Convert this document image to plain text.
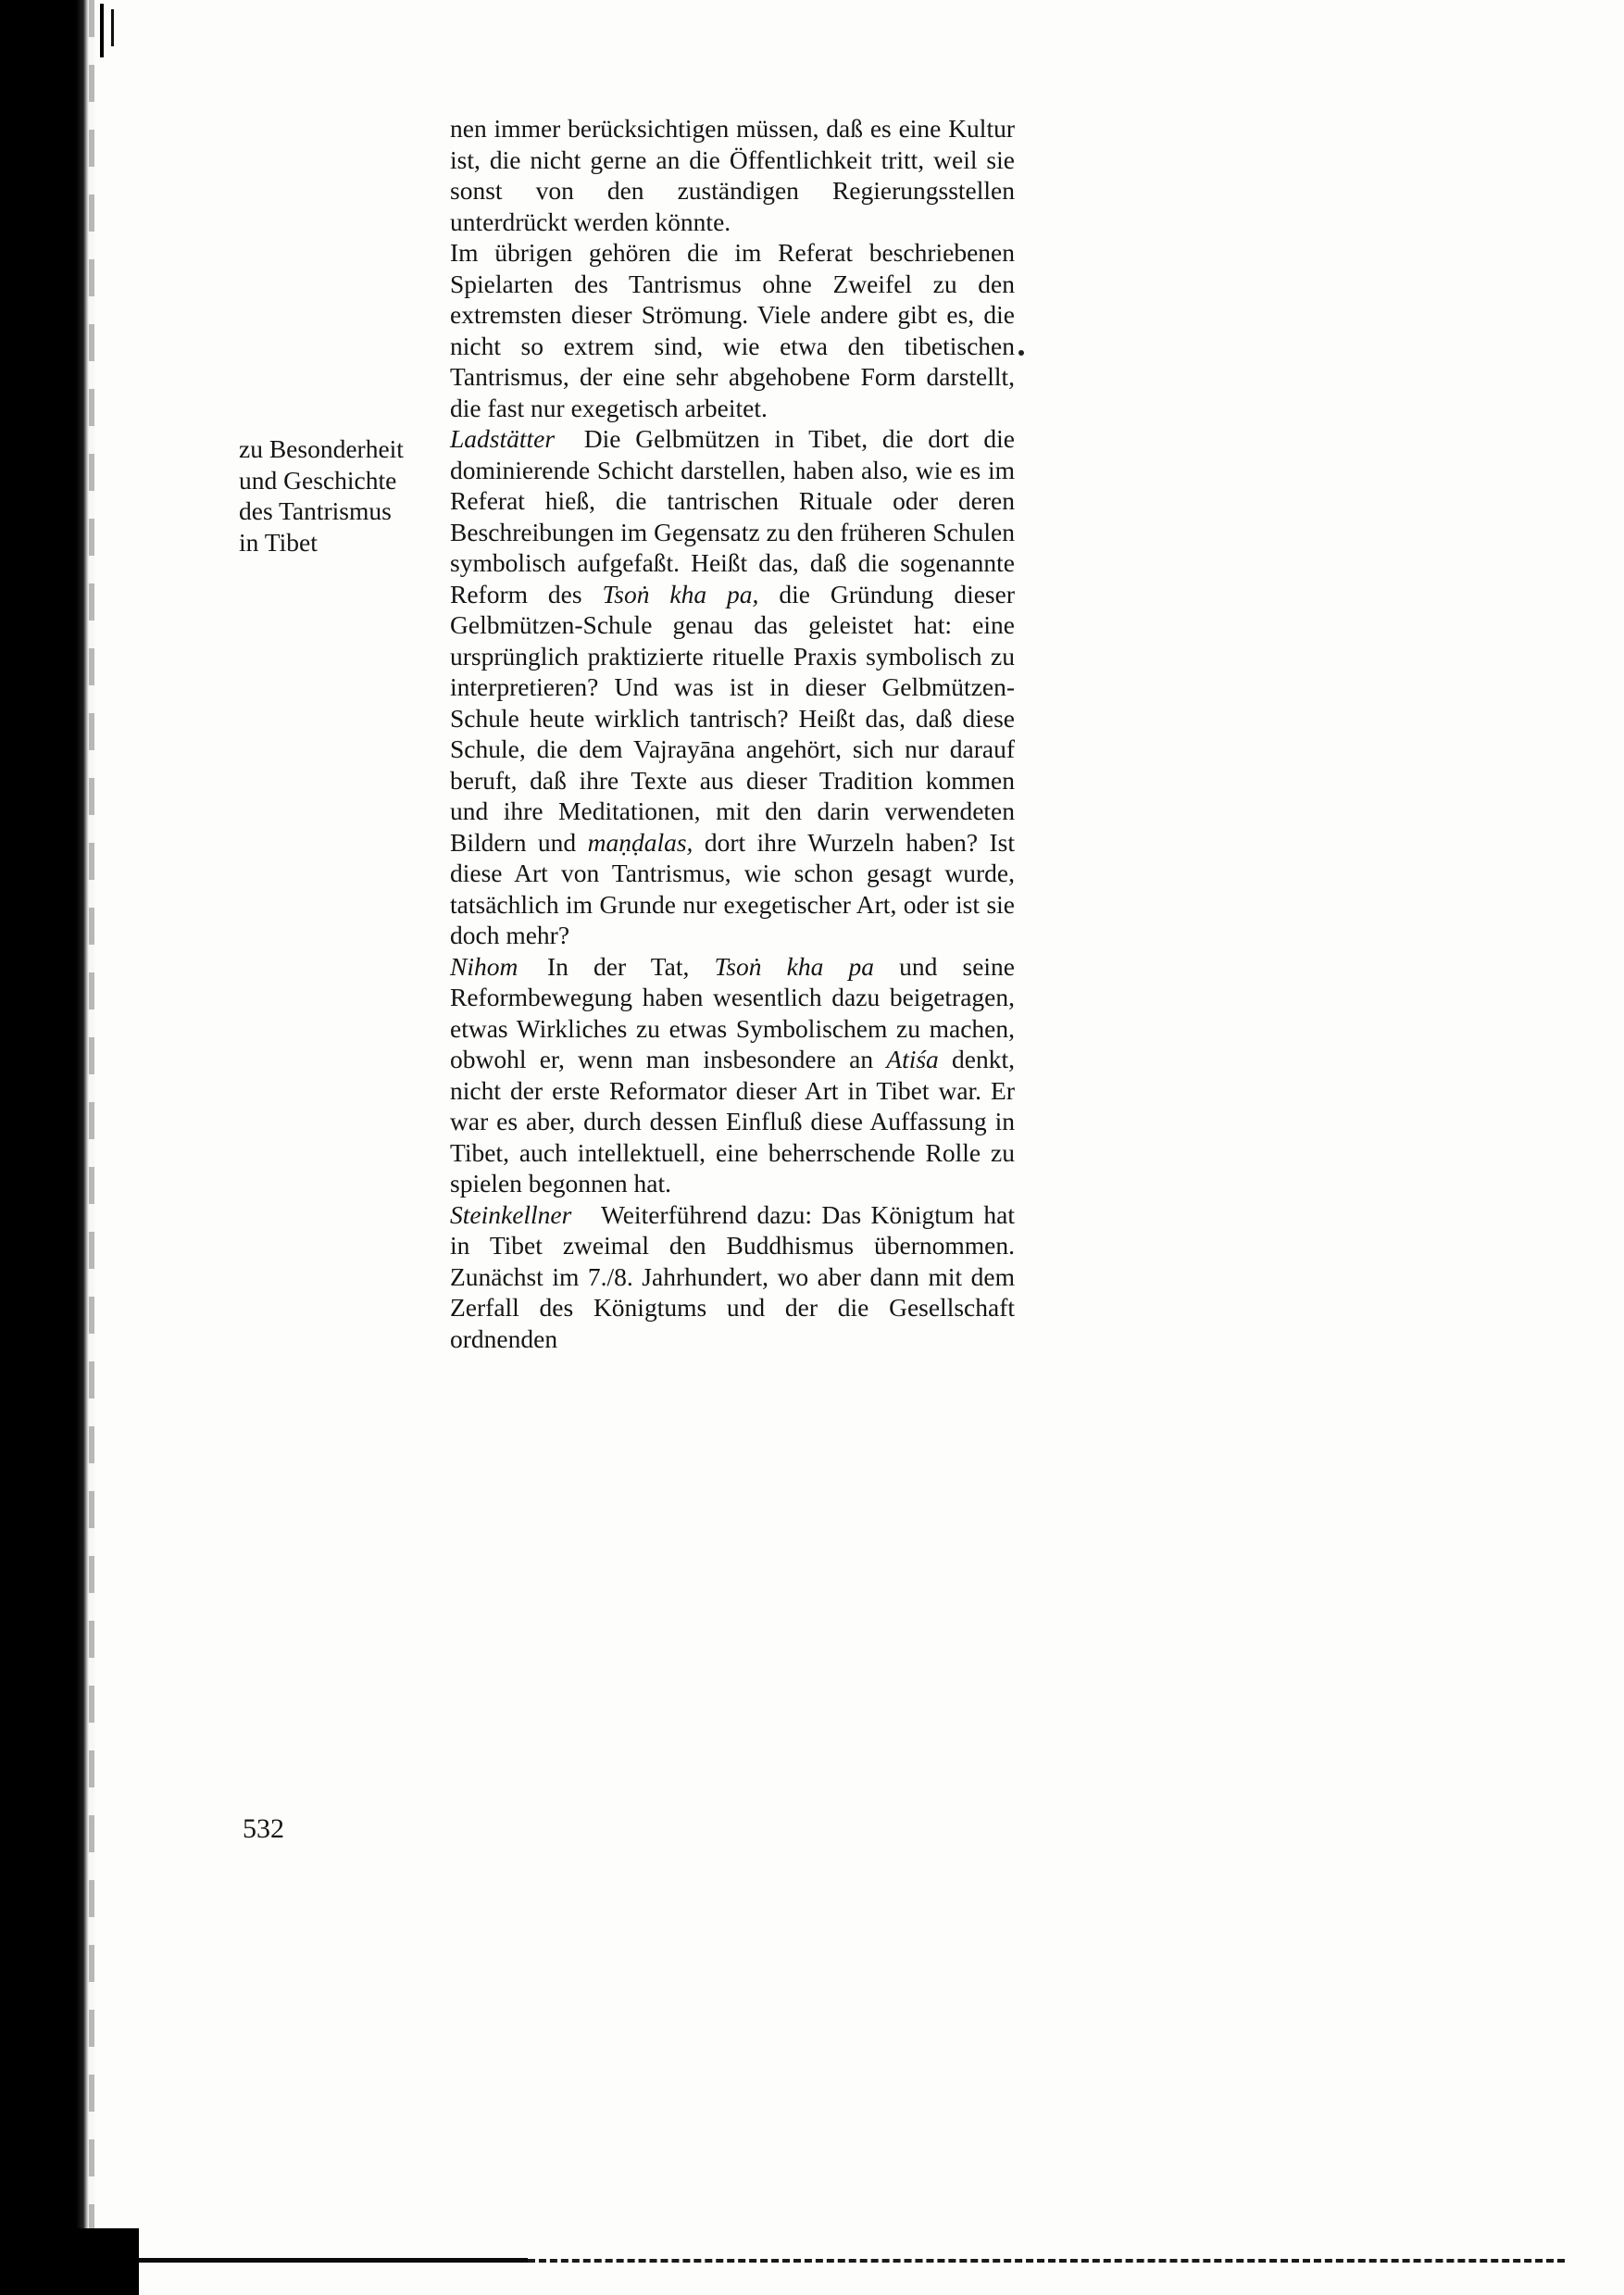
zu Besonderheit
und Geschichte
des Tantrismus
in Tibet

nen immer berücksichtigen müssen, daß es eine Kultur ist, die nicht gerne an die Öffentlichkeit tritt, weil sie sonst von den zuständigen Regierungsstellen unterdrückt werden könnte.

Im übrigen gehören die im Referat beschriebenen Spielarten des Tantrismus ohne Zweifel zu den extremsten dieser Strömung. Viele andere gibt es, die nicht so extrem sind, wie etwa den tibetischen Tantrismus, der eine sehr abgehobene Form darstellt, die fast nur exegetisch arbeitet.

Ladstätter Die Gelbmützen in Tibet, die dort die dominierende Schicht darstellen, haben also, wie es im Referat hieß, die tantrischen Rituale oder deren Beschreibungen im Gegensatz zu den früheren Schulen symbolisch aufgefaßt. Heißt das, daß die sogenannte Reform des Tsoṅ kha pa, die Gründung dieser Gelbmützen-Schule genau das geleistet hat: eine ursprünglich praktizierte rituelle Praxis symbolisch zu interpretieren? Und was ist in dieser Gelbmützen-Schule heute wirklich tantrisch? Heißt das, daß diese Schule, die dem Vajrayāna angehört, sich nur darauf beruft, daß ihre Texte aus dieser Tradition kommen und ihre Meditationen, mit den darin verwendeten Bildern und maṇḍalas, dort ihre Wurzeln haben? Ist diese Art von Tantrismus, wie schon gesagt wurde, tatsächlich im Grunde nur exegetischer Art, oder ist sie doch mehr?

Nihom In der Tat, Tsoṅ kha pa und seine Reformbewegung haben wesentlich dazu beigetragen, etwas Wirkliches zu etwas Symbolischem zu machen, obwohl er, wenn man insbesondere an Atiśa denkt, nicht der erste Reformator dieser Art in Tibet war. Er war es aber, durch dessen Einfluß diese Auffassung in Tibet, auch intellektuell, eine beherrschende Rolle zu spielen begonnen hat.

Steinkellner Weiterführend dazu: Das Königtum hat in Tibet zweimal den Buddhismus übernommen. Zunächst im 7./8. Jahrhundert, wo aber dann mit dem Zerfall des Königtums und der die Gesellschaft ordnenden

532
